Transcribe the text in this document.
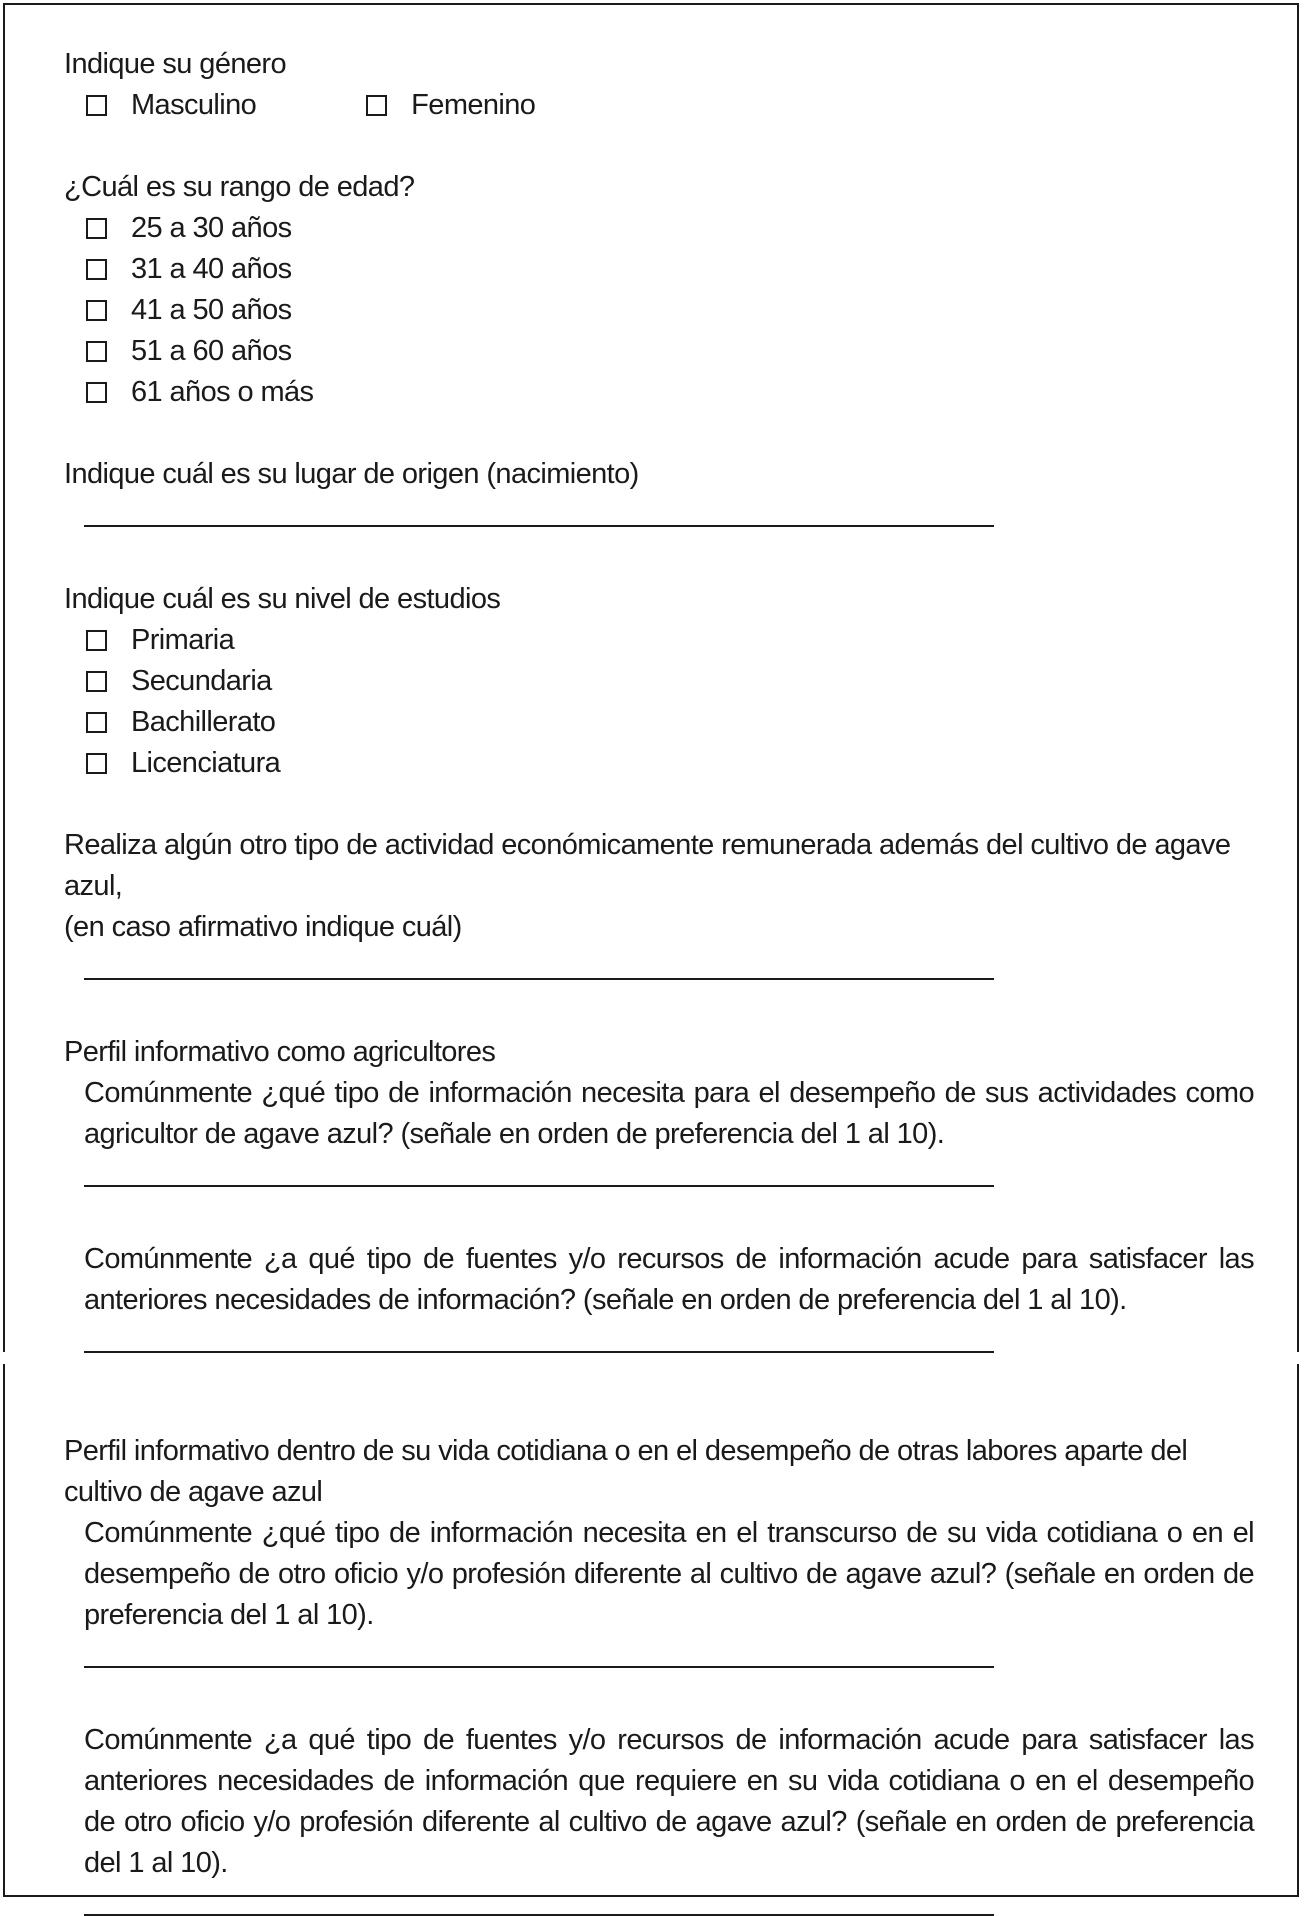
Indique su género

Masculino	Femenino

¿Cuál es su rango de edad?

25 a 30 años
31 a 40 años
41 a 50 años
51 a 60 años
61 años o más

Indique cuál es su lugar de origen (nacimiento)

Indique cuál es su nivel de estudios

Primaria
Secundaria
Bachillerato
Licenciatura

Realiza algún otro tipo de actividad económicamente remunerada además del cultivo de agave azul,

(en caso afirmativo indique cuál)

Perfil informativo como agricultores

Comúnmente ¿qué tipo de información necesita para el desempeño de sus actividades como agricultor de agave azul? (señale en orden de preferencia del 1 al 10).

Comúnmente ¿a qué tipo de fuentes y/o recursos de información acude para satisfacer las anteriores necesidades de información? (señale en orden de preferencia del 1 al 10).

Perfil informativo dentro de su vida cotidiana o en el desempeño de otras labores aparte del cultivo de agave azul

Comúnmente ¿qué tipo de información necesita en el transcurso de su vida cotidiana o en el desempeño de otro oficio y/o profesión diferente al cultivo de agave azul? (señale en orden de preferencia del 1 al 10).

Comúnmente ¿a qué tipo de fuentes y/o recursos de información acude para satisfacer las anteriores necesidades de información que requiere en su vida cotidiana o en el desempeño de otro oficio y/o profesión diferente al cultivo de agave azul? (señale en orden de preferencia del 1 al 10).
